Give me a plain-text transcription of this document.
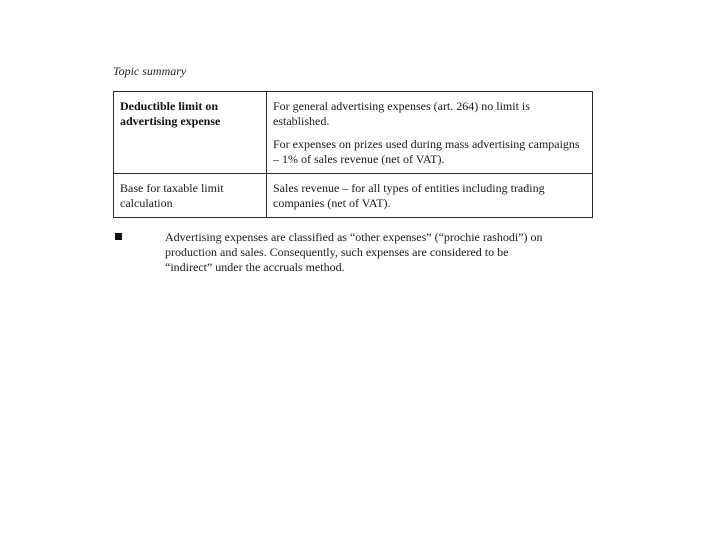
Topic summary
Deductible limit on advertising expense	For general advertising expenses (art. 264) no limit is established.
For expenses on prizes used during mass advertising campaigns – 1% of sales revenue (net of VAT).

Base for taxable limit calculation	Sales revenue – for all types of entities including trading companies (net of VAT).
Advertising expenses are classified as “other expenses” (“prochie rashodi”) on production and sales. Consequently, such expenses are considered to be “indirect” under the accruals method.
